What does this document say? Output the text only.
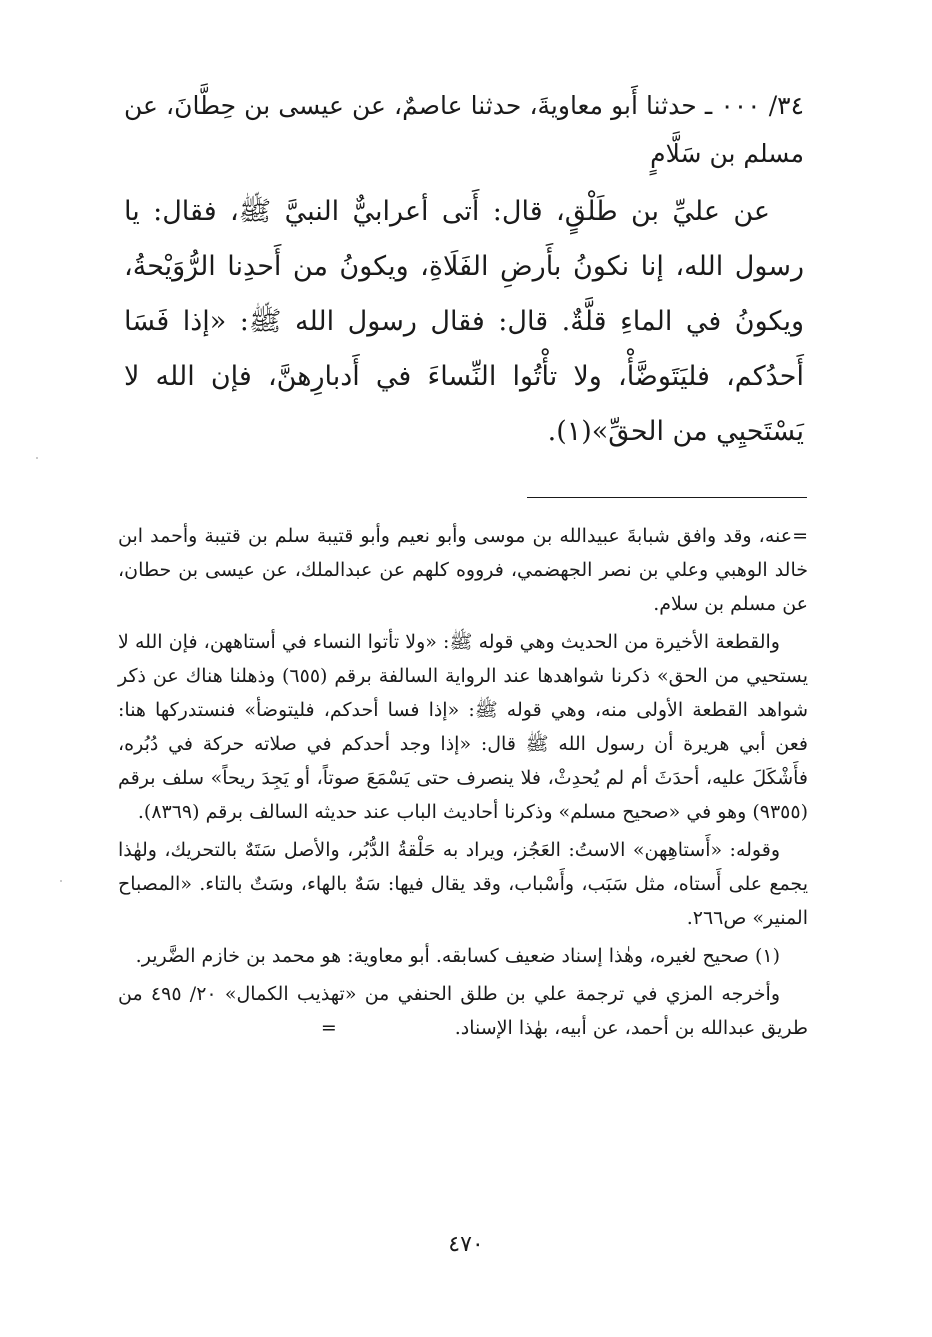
٣٤/ ٠٠٠ ـ حدثنا أَبو معاويةَ، حدثنا عاصمٌ، عن عيسى بن حِطَّانَ، عن مسلم بن سَلَّامٍ

عن عليِّ بن طَلْقٍ، قال: أَتى أعرابيٌّ النبيَّ ﷺ، فقال: يا رسول الله، إنا نكونُ بأَرضِ الفَلَاةِ، ويكونُ من أَحدِنا الرُّوَيْحةُ، ويكونُ في الماءِ قلَّةٌ. قال: فقال رسول الله ﷺ: «إذا فَسَا أَحدُكم، فليَتَوضَّأْ، ولا تأْتُوا النِّساءَ في أَدبارِهنَّ، فإن الله لا يَسْتَحيِي من الحقِّ»(١).

=عنه، وقد وافق شبابةَ عبيدالله بن موسى وأبو نعيم وأبو قتيبة سلم بن قتيبة وأحمد ابن خالد الوهبي وعلي بن نصر الجهضمي، فرووه كلهم عن عبدالملك، عن عيسى بن حطان، عن مسلم بن سلام.

والقطعة الأخيرة من الحديث وهي قوله ﷺ: «ولا تأتوا النساء في أستاههن، فإن الله لا يستحيي من الحق» ذكرنا شواهدها عند الرواية السالفة برقم (٦٥٥) وذهلنا هناك عن ذكر شواهد القطعة الأولى منه، وهي قوله ﷺ: «إذا فسا أحدكم، فليتوضأ» فنستدركها هنا: فعن أبي هريرة أن رسول الله ﷺ قال: «إذا وجد أحدكم في صلاته حركة في دُبُره، فأَشْكَلَ عليه، أحدَثَ أم لم يُحدِثْ، فلا ينصرف حتى يَسْمَعَ صوتاً، أو يَجِدَ ريحاً» سلف برقم (٩٣٥٥) وهو في «صحيح مسلم» وذكرنا أحاديث الباب عند حديثه السالف برقم (٨٣٦٩).

وقوله: «أَستاهِهن» الاستُ: العَجُز، ويراد به حَلْقةُ الدُّبُر، والأصل سَتَهٌ بالتحريك، ولهٰذا يجمع على أَستاه، مثل سَبَب، وأَسْباب، وقد يقال فيها: سَهٌ بالهاء، وسَتٌ بالتاء. «المصباح المنير» ص٢٦٦.

(١) صحيح لغيره، وهٰذا إسناد ضعيف كسابقه. أبو معاوية: هو محمد بن خازم الضَّرير.

وأخرجه المزي في ترجمة علي بن طلق الحنفي من «تهذيب الكمال» ٢٠/ ٤٩٥ من طريق عبدالله بن أحمد، عن أبيه، بهٰذا الإسناد.=

٤٧٠
